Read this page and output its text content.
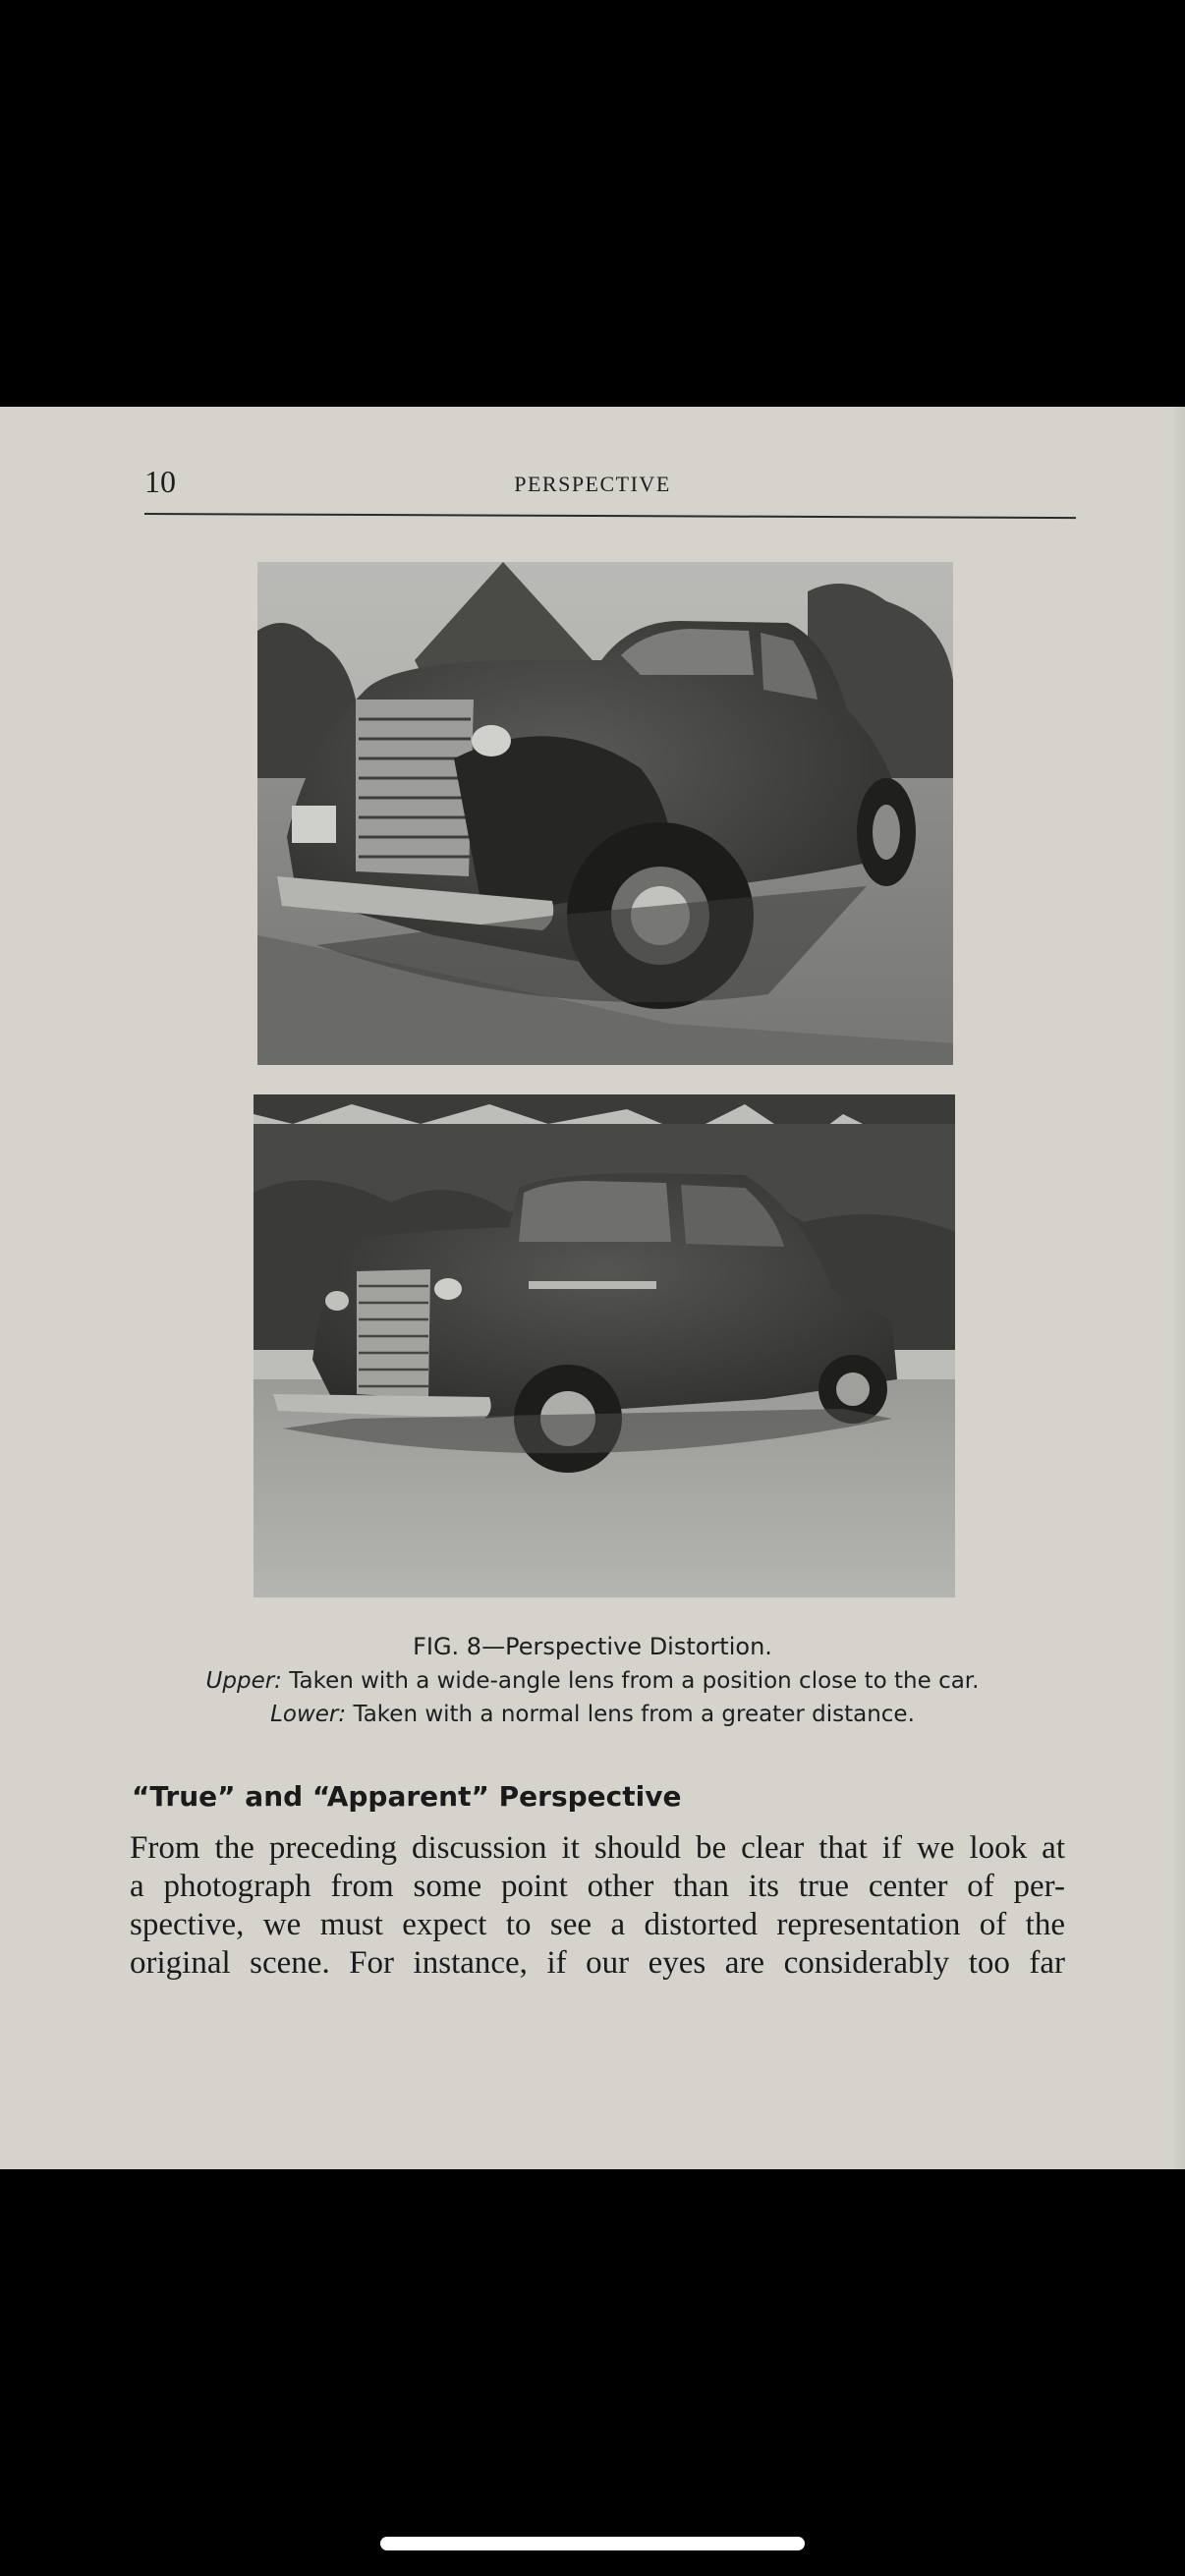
10	PERSPECTIVE
FIG. 8—Perspective Distortion.
Upper: Taken with a wide-angle lens from a position close to the car.
Lower: Taken with a normal lens from a greater distance.
“True” and “Apparent” Perspective
From the preceding discussion it should be clear that if we look at
a photograph from some point other than its true center of per-
spective, we must expect to see a distorted representation of the
original scene. For instance, if our eyes are considerably too far
